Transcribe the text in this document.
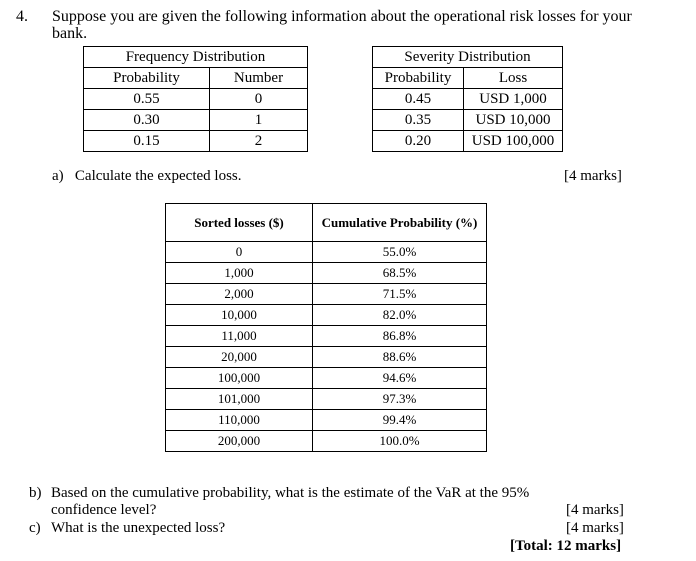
4. Suppose you are given the following information about the operational risk losses for your bank.
Frequency Distribution	
Probability	Number
0.55	0
0.30	1
0.15	2
Severity Distribution	
Probability	Loss
0.45	USD 1,000
0.35	USD 10,000
0.20	USD 100,000
a) Calculate the expected loss.	[4 marks]
Sorted losses ($)	Cumulative Probability (%)
0	55.0%
1,000	68.5%
2,000	71.5%
10,000	82.0%
11,000	86.8%
20,000	88.6%
100,000	94.6%
101,000	97.3%
110,000	99.4%
200,000	100.0%
b) Based on the cumulative probability, what is the estimate of the VaR at the 95%
confidence level?	[4 marks]
c) What is the unexpected loss?	[4 marks]
[Total: 12 marks]
